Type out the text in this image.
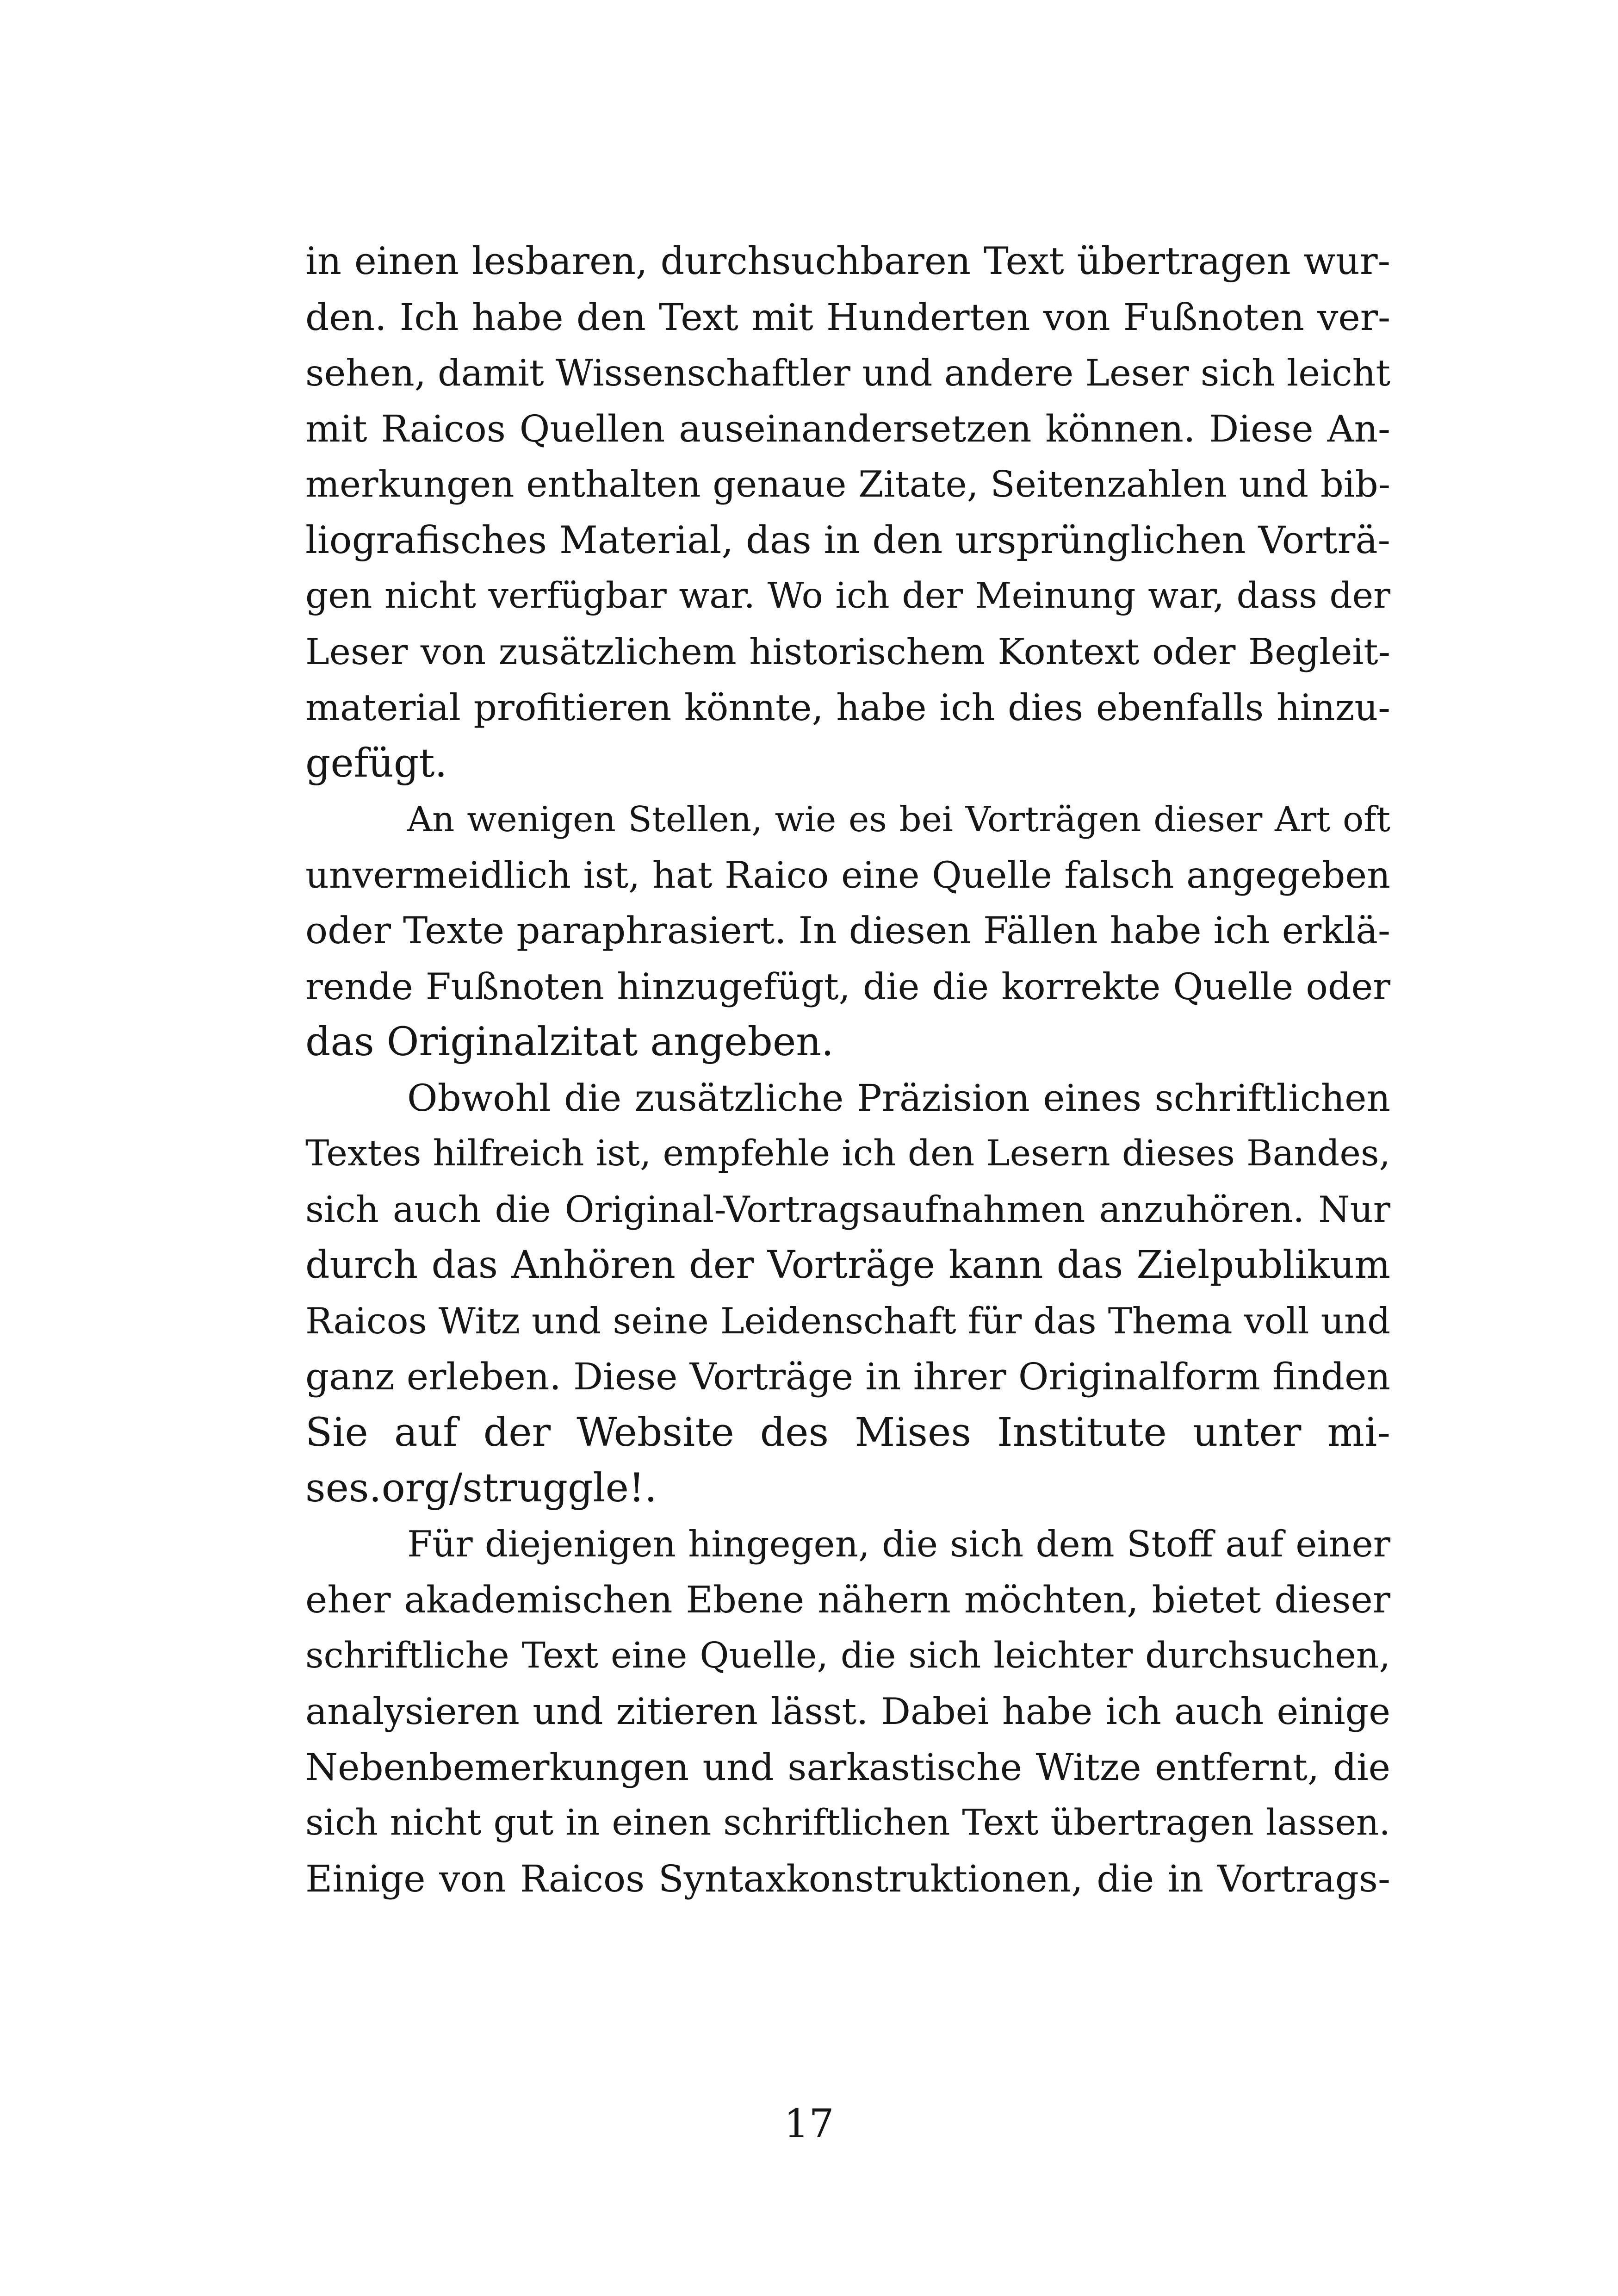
in einen lesbaren, durchsuchbaren Text übertragen wur-
den. Ich habe den Text mit Hunderten von Fußnoten ver-
sehen, damit Wissenschaftler und andere Leser sich leicht
mit Raicos Quellen auseinandersetzen können. Diese An-
merkungen enthalten genaue Zitate, Seitenzahlen und bib-
liografisches Material, das in den ursprünglichen Vorträ-
gen nicht verfügbar war. Wo ich der Meinung war, dass der
Leser von zusätzlichem historischem Kontext oder Begleit-
material profitieren könnte, habe ich dies ebenfalls hinzu-
gefügt.
An wenigen Stellen, wie es bei Vorträgen dieser Art oft
unvermeidlich ist, hat Raico eine Quelle falsch angegeben
oder Texte paraphrasiert. In diesen Fällen habe ich erklä-
rende Fußnoten hinzugefügt, die die korrekte Quelle oder
das Originalzitat angeben.
Obwohl die zusätzliche Präzision eines schriftlichen
Textes hilfreich ist, empfehle ich den Lesern dieses Bandes,
sich auch die Original-Vortragsaufnahmen anzuhören. Nur
durch das Anhören der Vorträge kann das Zielpublikum
Raicos Witz und seine Leidenschaft für das Thema voll und
ganz erleben. Diese Vorträge in ihrer Originalform finden
Sie auf der Website des Mises Institute unter mi-
ses.org/struggle!.
Für diejenigen hingegen, die sich dem Stoff auf einer
eher akademischen Ebene nähern möchten, bietet dieser
schriftliche Text eine Quelle, die sich leichter durchsuchen,
analysieren und zitieren lässt. Dabei habe ich auch einige
Nebenbemerkungen und sarkastische Witze entfernt, die
sich nicht gut in einen schriftlichen Text übertragen lassen.
Einige von Raicos Syntaxkonstruktionen, die in Vortrags-
17
